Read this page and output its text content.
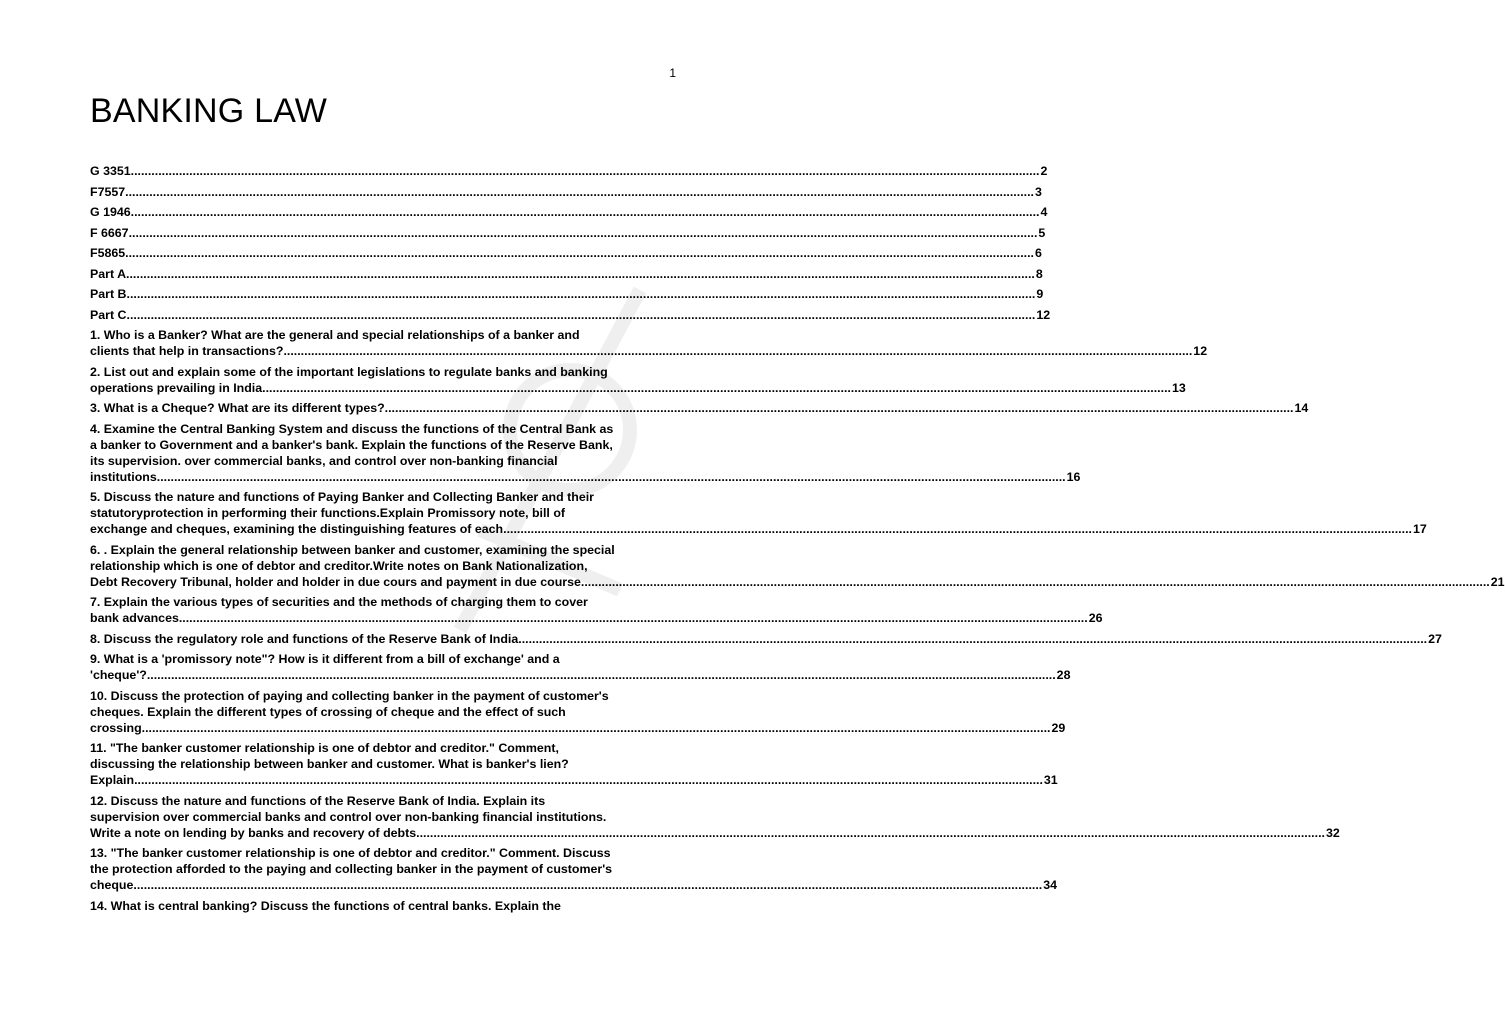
1
BANKING LAW
G 3351 .....	2
F7557 .....	3
G 1946 .....	4
F 6667 .....	5
F5865 .....	6
Part A .....	8
Part B .....	9
Part C .....	12
1. Who is a Banker? What are the general and special relationships of a banker and
clients that help in transactions? .....	12
2. List out and explain some of the important legislations to regulate banks and banking
operations prevailing in India .....	13
3. What is a Cheque? What are its different types? .....	14
4. Examine the Central Banking System and discuss the functions of the Central Bank as
a banker to Government and a banker's bank. Explain the functions of the Reserve Bank,
its supervision. over commercial banks, and control over non-banking financial
institutions .....	16
5. Discuss the nature and functions of Paying Banker and Collecting Banker and their
statutoryprotection in performing their functions.Explain Promissory note, bill of
exchange and cheques, examining the distinguishing features of each .....	17
6. . Explain the general relationship between banker and customer, examining the special
relationship which is one of debtor and creditor.Write notes on Bank Nationalization,
Debt Recovery Tribunal, holder and holder in due cours and payment in due course .....	21
7. Explain the various types of securities and the methods of charging them to cover
bank advances .....	26
8. Discuss the regulatory role and functions of the Reserve Bank of India .....	27
9. What is a 'promissory note"? How is it different from a bill of exchange' and a
'cheque'? .....	28
10. Discuss the protection of paying and collecting banker in the payment of customer's
cheques. Explain the different types of crossing of cheque and the effect of such
crossing .....	29
11. "The banker customer relationship is one of debtor and creditor." Comment,
discussing the relationship between banker and customer. What is banker's lien?
Explain .....	31
12. Discuss the nature and functions of the Reserve Bank of India. Explain its
supervision over commercial banks and control over non-banking financial institutions.
Write a note on lending by banks and recovery of debts .....	32
13. "The banker customer relationship is one of debtor and creditor." Comment. Discuss
the protection afforded to the paying and collecting banker in the payment of customer's
cheque .....	34
14. What is central banking? Discuss the functions of central banks. Explain the
